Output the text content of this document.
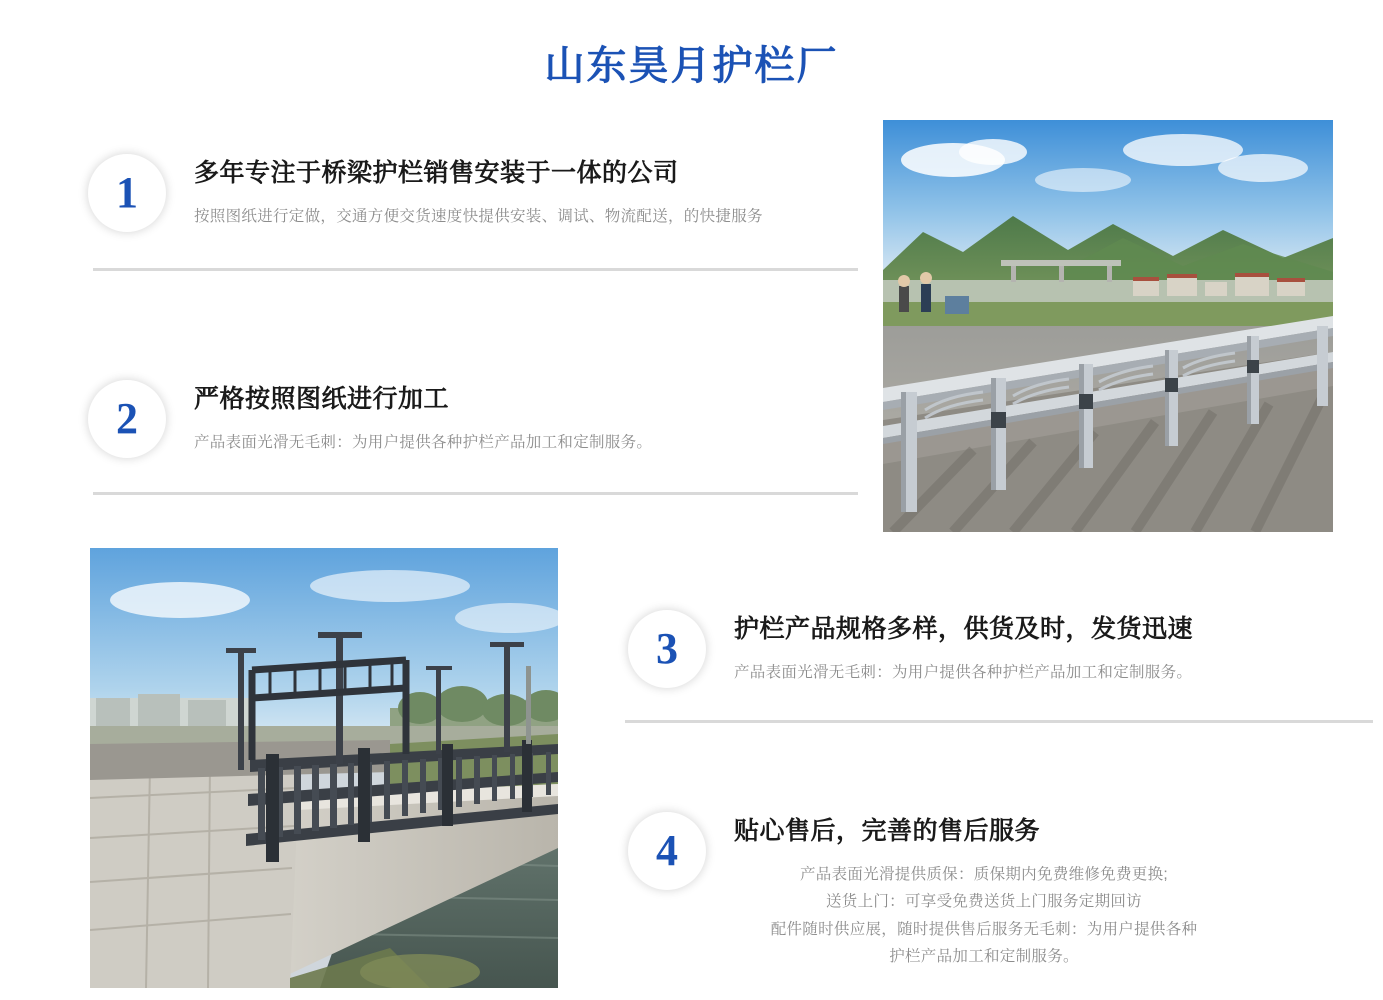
山东昊月护栏厂
1 多年专注于桥梁护栏销售安装于一体的公司
按照图纸进行定做，交通方便交货速度快提供安装、调试、物流配送，的快捷服务
2 严格按照图纸进行加工
产品表面光滑无毛刺：为用户提供各种护栏产品加工和定制服务。
3 护栏产品规格多样，供货及时，发货迅速
产品表面光滑无毛刺：为用户提供各种护栏产品加工和定制服务。
4 贴心售后，完善的售后服务
产品表面光滑提供质保：质保期内免费维修免费更换;
送货上门：可享受免费送货上门服务定期回访
配件随时供应展，随时提供售后服务无毛刺：为用户提供各种
护栏产品加工和定制服务。
